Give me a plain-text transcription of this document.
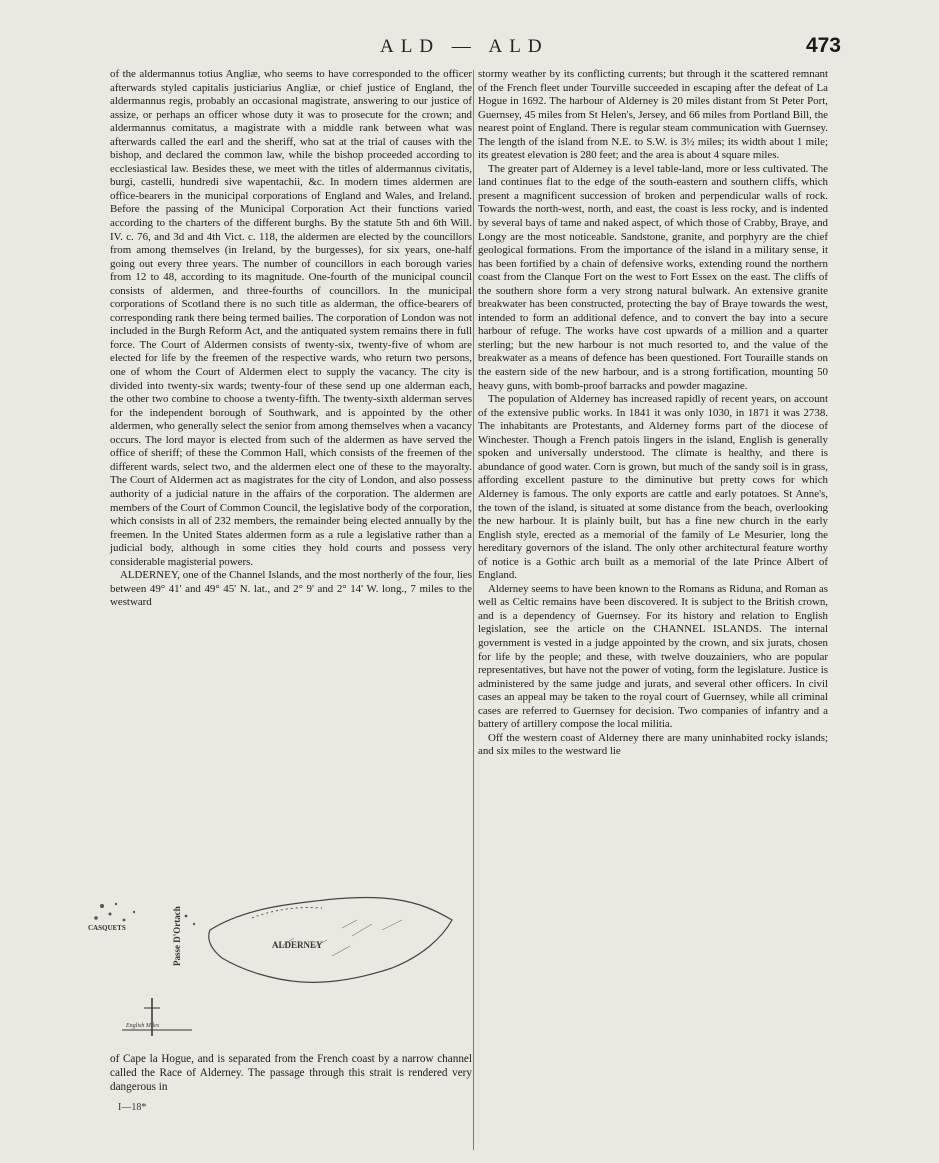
ALD — ALD	473

of the aldermannus totius Angliæ, who seems to have corresponded to the officer afterwards styled capitalis justiciarius Angliæ, or chief justice of England, the aldermannus regis, probably an occasional magistrate, answering to our justice of assize, or perhaps an officer whose duty it was to prosecute for the crown; and aldermannus comitatus, a magistrate with a middle rank between what was afterwards called the earl and the sheriff, who sat at the trial of causes with the bishop, and declared the common law, while the bishop proceeded according to ecclesiastical law. Besides these, we meet with the titles of aldermannus civitatis, burgi, castelli, hundredi sive wapentachii, &c. In modern times aldermen are office-bearers in the municipal corporations of England and Wales, and Ireland. Before the passing of the Municipal Corporation Act their functions varied according to the charters of the different burghs. By the statute 5th and 6th Will. IV. c. 76, and 3d and 4th Vict. c. 118, the aldermen are elected by the councillors from among themselves (in Ireland, by the burgesses), for six years, one-half going out every three years. The number of councillors in each borough varies from 12 to 48, according to its magnitude. One-fourth of the municipal council consists of aldermen, and three-fourths of councillors. In the municipal corporations of Scotland there is no such title as alderman, the office-bearers of corresponding rank there being termed bailies. The corporation of London was not included in the Burgh Reform Act, and the antiquated system remains there in full force. The Court of Aldermen consists of twenty-six, twenty-five of whom are elected for life by the freemen of the respective wards, who return two persons, one of whom the Court of Aldermen elect to supply the vacancy. The city is divided into twenty-six wards; twenty-four of these send up one alderman each, the other two combine to choose a twenty-fifth. The twenty-sixth alderman serves for the independent borough of Southwark, and is appointed by the other aldermen, who generally select the senior from among themselves when a vacancy occurs. The lord mayor is elected from such of the aldermen as have served the office of sheriff; of these the Common Hall, which consists of the freemen of the different wards, select two, and the aldermen elect one of these to the mayoralty. The Court of Aldermen act as magistrates for the city of London, and also possess authority of a judicial nature in the affairs of the corporation. The aldermen are members of the Court of Common Council, the legislative body of the corporation, which consists in all of 232 members, the remainder being elected annually by the freemen. In the United States aldermen form as a rule a legislative rather than a judicial body, although in some cities they hold courts and possess very considerable magisterial powers.

ALDERNEY, one of the Channel Islands, and the most northerly of the four, lies between 49° 41' and 49° 45' N. lat., and 2° 9' and 2° 14' W. long., 7 miles to the westward

CASQUETS	Passe D'Ortach	ALDERNEY
English Miles

of Cape la Hogue, and is separated from the French coast by a narrow channel called the Race of Alderney. The passage through this strait is rendered very dangerous in

I—18*

stormy weather by its conflicting currents; but through it the scattered remnant of the French fleet under Tourville succeeded in escaping after the defeat of La Hogue in 1692. The harbour of Alderney is 20 miles distant from St Peter Port, Guernsey, 45 miles from St Helen's, Jersey, and 66 miles from Portland Bill, the nearest point of England. There is regular steam communication with Guernsey. The length of the island from N.E. to S.W. is 3½ miles; its width about 1 mile; its greatest elevation is 280 feet; and the area is about 4 square miles.

The greater part of Alderney is a level table-land, more or less cultivated. The land continues flat to the edge of the south-eastern and southern cliffs, which present a magnificent succession of broken and perpendicular walls of rock. Towards the north-west, north, and east, the coast is less rocky, and is indented by several bays of tame and naked aspect, of which those of Crabby, Braye, and Longy are the most noticeable. Sandstone, granite, and porphyry are the chief geological formations. From the importance of the island in a military sense, it has been fortified by a chain of defensive works, extending round the northern coast from the Clanque Fort on the west to Fort Essex on the east. The cliffs of the southern shore form a very strong natural bulwark. An extensive granite breakwater has been constructed, protecting the bay of Braye towards the west, intended to form an additional defence, and to convert the bay into a secure harbour of refuge. The works have cost upwards of a million and a quarter sterling; but the new harbour is not much resorted to, and the value of the breakwater as a means of defence has been questioned. Fort Touraille stands on the eastern side of the new harbour, and is a strong fortification, mounting 50 heavy guns, with bomb-proof barracks and powder magazine.

The population of Alderney has increased rapidly of recent years, on account of the extensive public works. In 1841 it was only 1030, in 1871 it was 2738. The inhabitants are Protestants, and Alderney forms part of the diocese of Winchester. Though a French patois lingers in the island, English is generally spoken and universally understood. The climate is healthy, and there is abundance of good water. Corn is grown, but much of the sandy soil is in grass, affording excellent pasture to the diminutive but pretty cows for which Alderney is famous. The only exports are cattle and early potatoes. St Anne's, the town of the island, is situated at some distance from the beach, overlooking the new harbour. It is plainly built, but has a fine new church in the early English style, erected as a memorial of the family of Le Mesurier, long the hereditary governors of the island. The only other architectural feature worthy of notice is a Gothic arch built as a memorial of the late Prince Albert of England.

Alderney seems to have been known to the Romans as Riduna, and Roman as well as Celtic remains have been discovered. It is subject to the British crown, and is a dependency of Guernsey. For its history and relation to English legislation, see the article on the CHANNEL ISLANDS. The internal government is vested in a judge appointed by the crown, and six jurats, chosen for life by the people; and these, with twelve douzainiers, who are popular representatives, but have not the power of voting, form the legislature. Justice is administered by the same judge and jurats, and several other officers. In civil cases an appeal may be taken to the royal court of Guernsey, while all criminal cases are referred to Guernsey for decision. Two companies of infantry and a battery of artillery compose the local militia.

Off the western coast of Alderney there are many uninhabited rocky islands; and six miles to the westward lie
